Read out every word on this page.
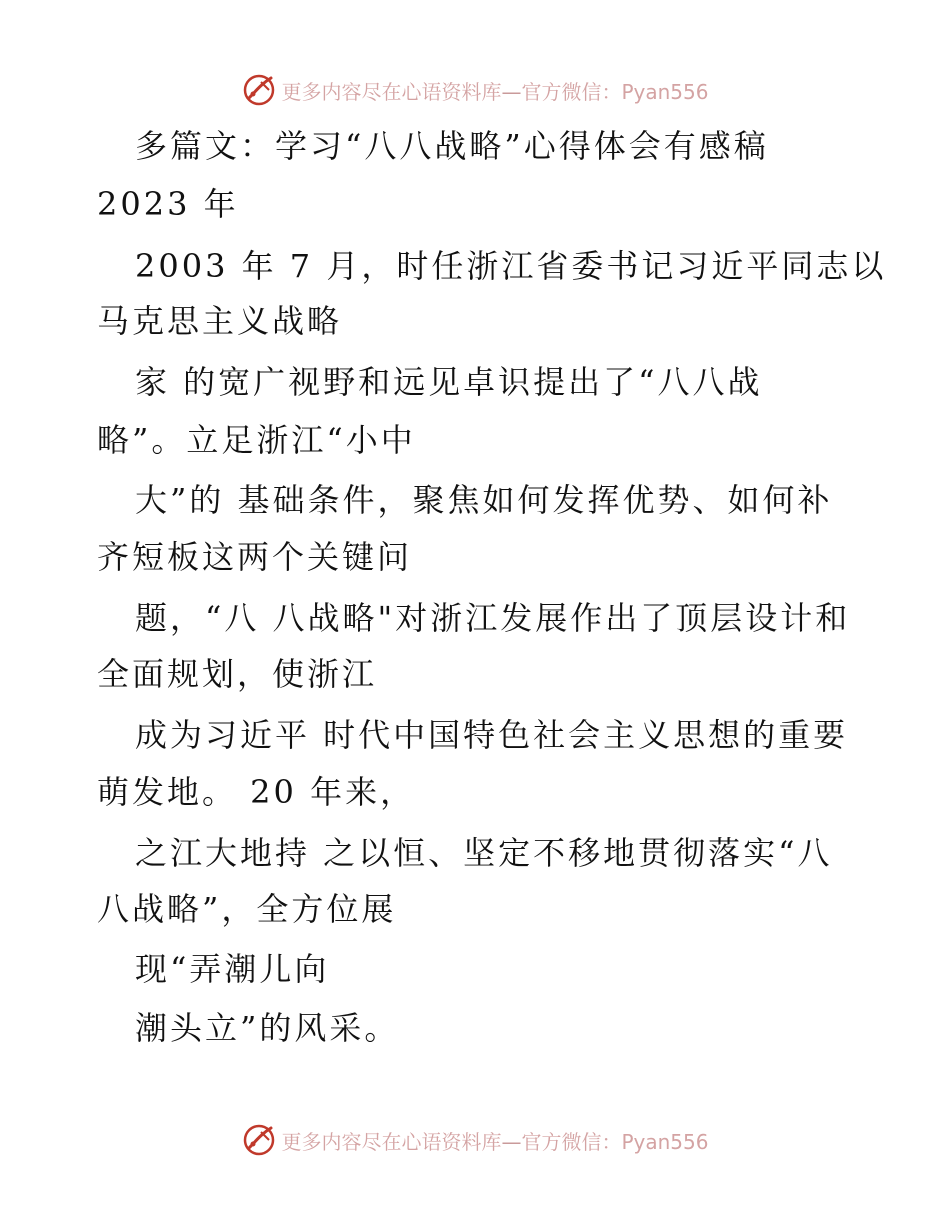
更多内容尽在心语资料库—官方微信：Pyan556
多篇文：学习“八八战略”心得体会有感稿
2023 年
2003 年 7 月，时任浙江省委书记习近平同志以
马克思主义战略
家 的宽广视野和远见卓识提出了“八八战
略”。立足浙江“小中
大”的 基础条件，聚焦如何发挥优势、如何补
齐短板这两个关键问
题，“八 八战略"对浙江发展作出了顶层设计和
全面规划，使浙江
成为习近平 时代中国特色社会主义思想的重要
萌发地。 20 年来，
之江大地持 之以恒、坚定不移地贯彻落实“八
八战略”，全方位展
现“弄潮儿向
潮头立”的风采。
更多内容尽在心语资料库—官方微信：Pyan556
